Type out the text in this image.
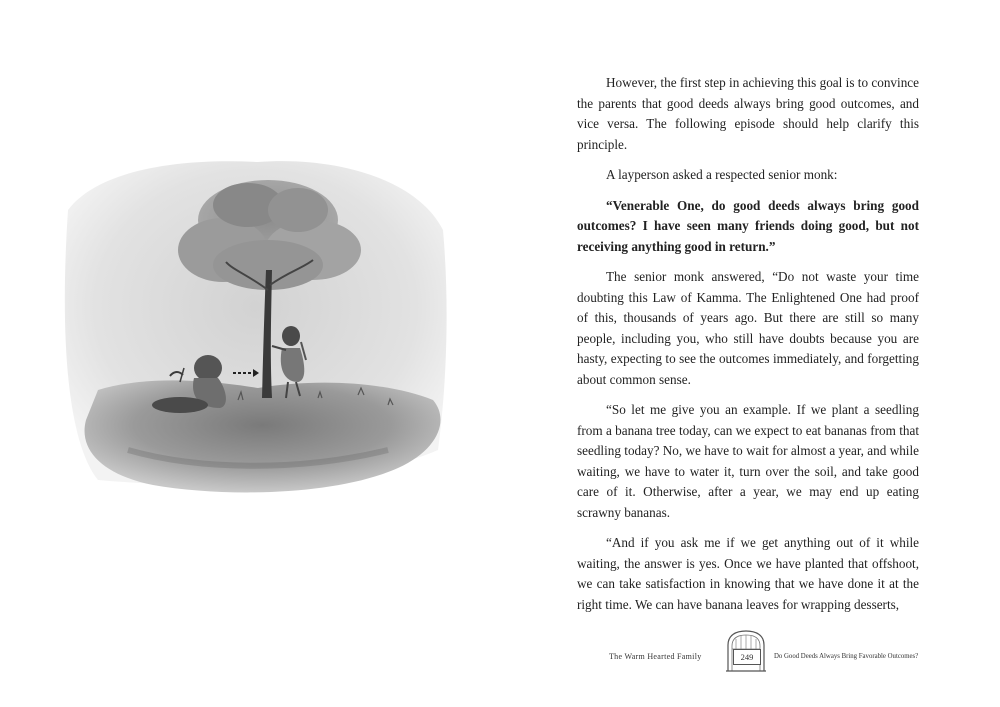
However, the first step in achieving this goal is to convince the parents that good deeds always bring good outcomes, and vice versa. The following episode should help clarify this principle.

A layperson asked a respected senior monk:

“Venerable One, do good deeds always bring good outcomes? I have seen many friends doing good, but not receiving anything good in return.”

The senior monk answered, “Do not waste your time doubting this Law of Kamma. The Enlightened One had proof of this, thousands of years ago. But there are still so many people, including you, who still have doubts because you are hasty, expecting to see the outcomes immediately, and forgetting about common sense.

“So let me give you an example. If we plant a seedling from a banana tree today, can we expect to eat bananas from that seedling today? No, we have to wait for almost a year, and while waiting, we have to water it, turn over the soil, and take good care of it. Otherwise, after a year, we may end up eating scrawny bananas.

“And if you ask me if we get anything out of it while waiting, the answer is yes. Once we have planted that offshoot, we can take satisfaction in knowing that we have done it at the right time. We can have banana leaves for wrapping desserts,

The Warm Hearted Family	249	Do Good Deeds Always Bring Favorable Outcomes?
